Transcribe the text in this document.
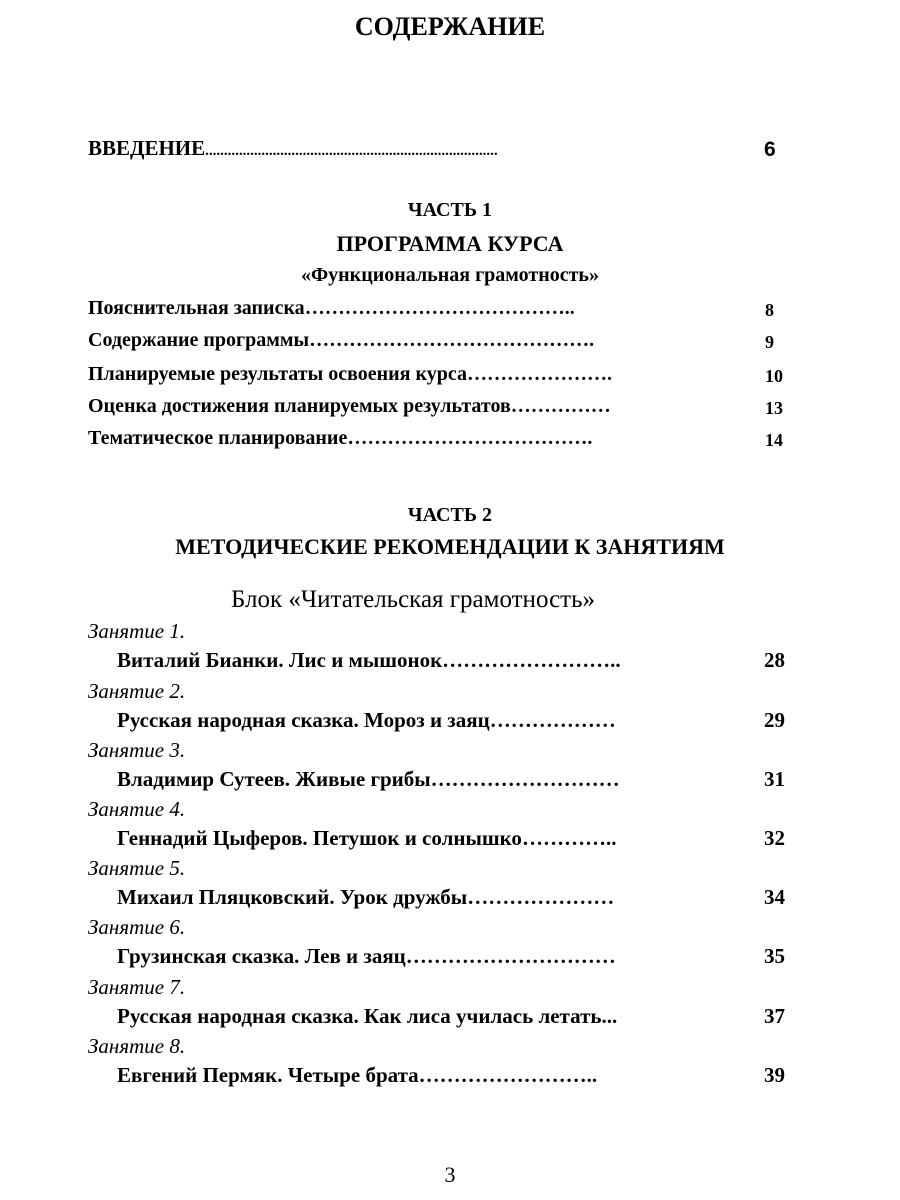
СОДЕРЖАНИЕ
ВВЕДЕНИЕ..............................................................................	6
ЧАСТЬ 1
ПРОГРАММА КУРСА
«Функциональная грамотность»
Пояснительная записка…………………………………..	8
Содержание программы…………………………………….	9
Планируемые результаты освоения курса………………….	10
Оценка достижения планируемых результатов……………	13
Тематическое планирование……………………………….	14
ЧАСТЬ 2
МЕТОДИЧЕСКИЕ РЕКОМЕНДАЦИИ К ЗАНЯТИЯМ
Блок «Читательская грамотность»
Занятие 1.
Виталий Бианки. Лис и мышонок……………………..	28
Занятие 2.
Русская народная сказка. Мороз и заяц………………	29
Занятие 3.
Владимир Сутеев. Живые грибы………………………	31
Занятие 4.
Геннадий Цыферов. Петушок и солнышко…………..	32
Занятие 5.
Михаил Пляцковский. Урок дружбы…………………	34
Занятие 6.
Грузинская сказка. Лев и заяц…………………………	35
Занятие 7.
Русская народная сказка. Как лиса училась летать...	37
Занятие 8.
Евгений Пермяк. Четыре брата……………………..	39
3
